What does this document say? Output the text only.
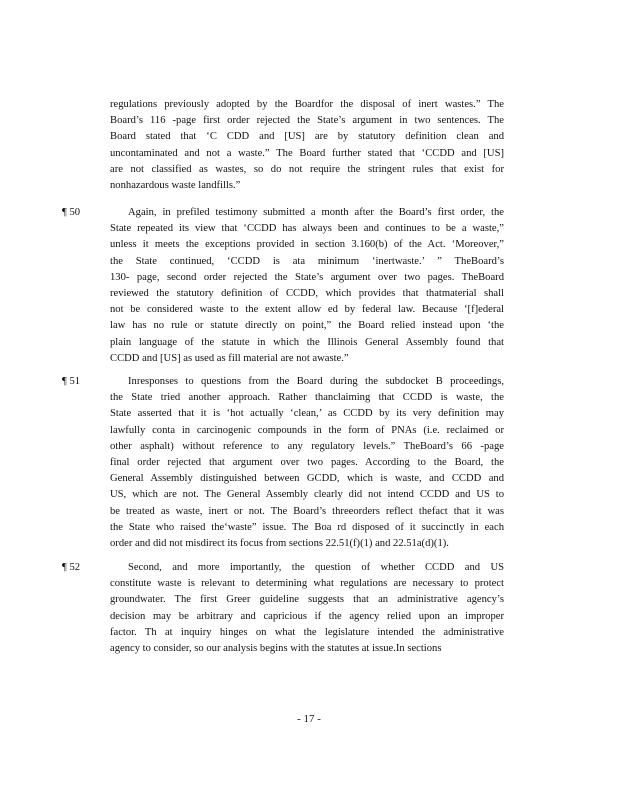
regulations previously adopted by the Boardfor the disposal of inert wastes.” The
Board’s 116 -page first order rejected the State’s argument in two sentences. The
Board stated that ‘C CDD and [US] are by statutory definition clean and
uncontaminated and not a waste.” The Board further stated that ‘CCDD and [US]
are not classified as wastes, so do not require the stringent rules that exist for
nonhazardous waste landfills.”
¶ 50	Again, in prefiled testimony submitted a month after the Board’s first order, the
State repeated its view that ‘CCDD has always been and continues to be a waste,”
unless it meets the exceptions provided in section 3.160(b) of the Act. ‘Moreover,”
the State continued, ‘CCDD is ata minimum ‘inertwaste.’ ” TheBoard’s
130- page, second order rejected the State’s argument over two pages. TheBoard
reviewed the statutory definition of CCDD, which provides that thatmaterial shall
not be considered waste to the extent allow ed by federal law. Because ‘[f]ederal
law has no rule or statute directly on point,” the Board relied instead upon ‘the
plain language of the statute in which the Illinois General Assembly found that
CCDD and [US] as used as fill material are not awaste.”
¶ 51	Inresponses to questions from the Board during the subdocket B proceedings,
the State tried another approach. Rather thanclaiming that CCDD is waste, the
State asserted that it is ‘hot actually ‘clean,’ as CCDD by its very definition may
lawfully conta in carcinogenic compounds in the form of PNAs (i.e. reclaimed or
other asphalt) without reference to any regulatory levels.” TheBoard’s 66 -page
final order rejected that argument over two pages. According to the Board, the
General Assembly distinguished between GCDD, which is waste, and CCDD and
US, which are not. The General Assembly clearly did not intend CCDD and US to
be treated as waste, inert or not. The Board’s threeorders reflect thefact that it was
the State who raised the‘waste” issue. The Boa rd disposed of it succinctly in each
order and did not misdirect its focus from sections 22.51(f)(1) and 22.51a(d)(1).
¶ 52	Second, and more importantly, the question of whether CCDD and US
constitute waste is relevant to determining what regulations are necessary to protect
groundwater. The first Greer guideline suggests that an administrative agency’s
decision may be arbitrary and capricious if the agency relied upon an improper
factor. Th at inquiry hinges on what the legislature intended the administrative
agency to consider, so our analysis begins with the statutes at issue.In sections
- 17 -
